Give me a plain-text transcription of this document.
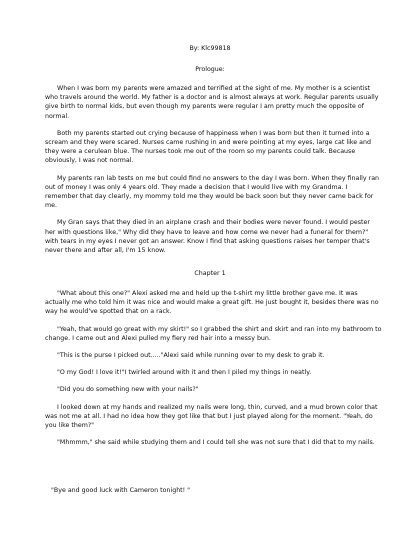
By: Klc99818
Prologue:

When I was born my parents were amazed and terrified at the sight of me. My mother is a scientist who travels around the world. My father is a doctor and is almost always at work. Regular parents usually give birth to normal kids, but even though my parents were regular I am pretty much the opposite of normal.

Both my parents started out crying because of happiness when I was born but then it turned into a scream and they were scared. Nurses came rushing in and were pointing at my eyes, large cat like and they were a cerulean blue. The nurses took me out of the room so my parents could talk. Because obviously, I was not normal.

My parents ran lab tests on me but could find no answers to the day I was born. When they finally ran out of money I was only 4 years old. They made a decision that I would live with my Grandma. I remember that day clearly, my mommy told me they would be back soon but they never came back for me.

My Gran says that they died in an airplane crash and their bodies were never found. I would pester her with questions like," Why did they have to leave and how come we never had a funeral for them?" with tears in my eyes I never got an answer. Know I find that asking questions raises her temper that's never there and after all, I'm 15 know.

Chapter 1

"What about this one?" Alexi asked me and held up the t-shirt my little brother gave me. It was actually me who told him it was nice and would make a great gift. He just bought it, besides there was no way he would've spotted that on a rack.

"Yeah, that would go great with my skirt!" so I grabbed the shirt and skirt and ran into my bathroom to change. I came out and Alexi pulled my fiery red hair into a messy bun.

"This is the purse I picked out....."Alexi said while running over to my desk to grab it.

"O my God! I love it!"I twirled around with it and then I piled my things in neatly.

"Did you do something new with your nails?"

I looked down at my hands and realized my nails were long, thin, curved, and a mud brown color that was not me at all. I had no idea how they got like that but I just played along for the moment. "Yeah, do you like them?"

"Mhmmm," she said while studying them and I could tell she was not sure that I did that to my nails.

"Bye and good luck with Cameron tonight! "
